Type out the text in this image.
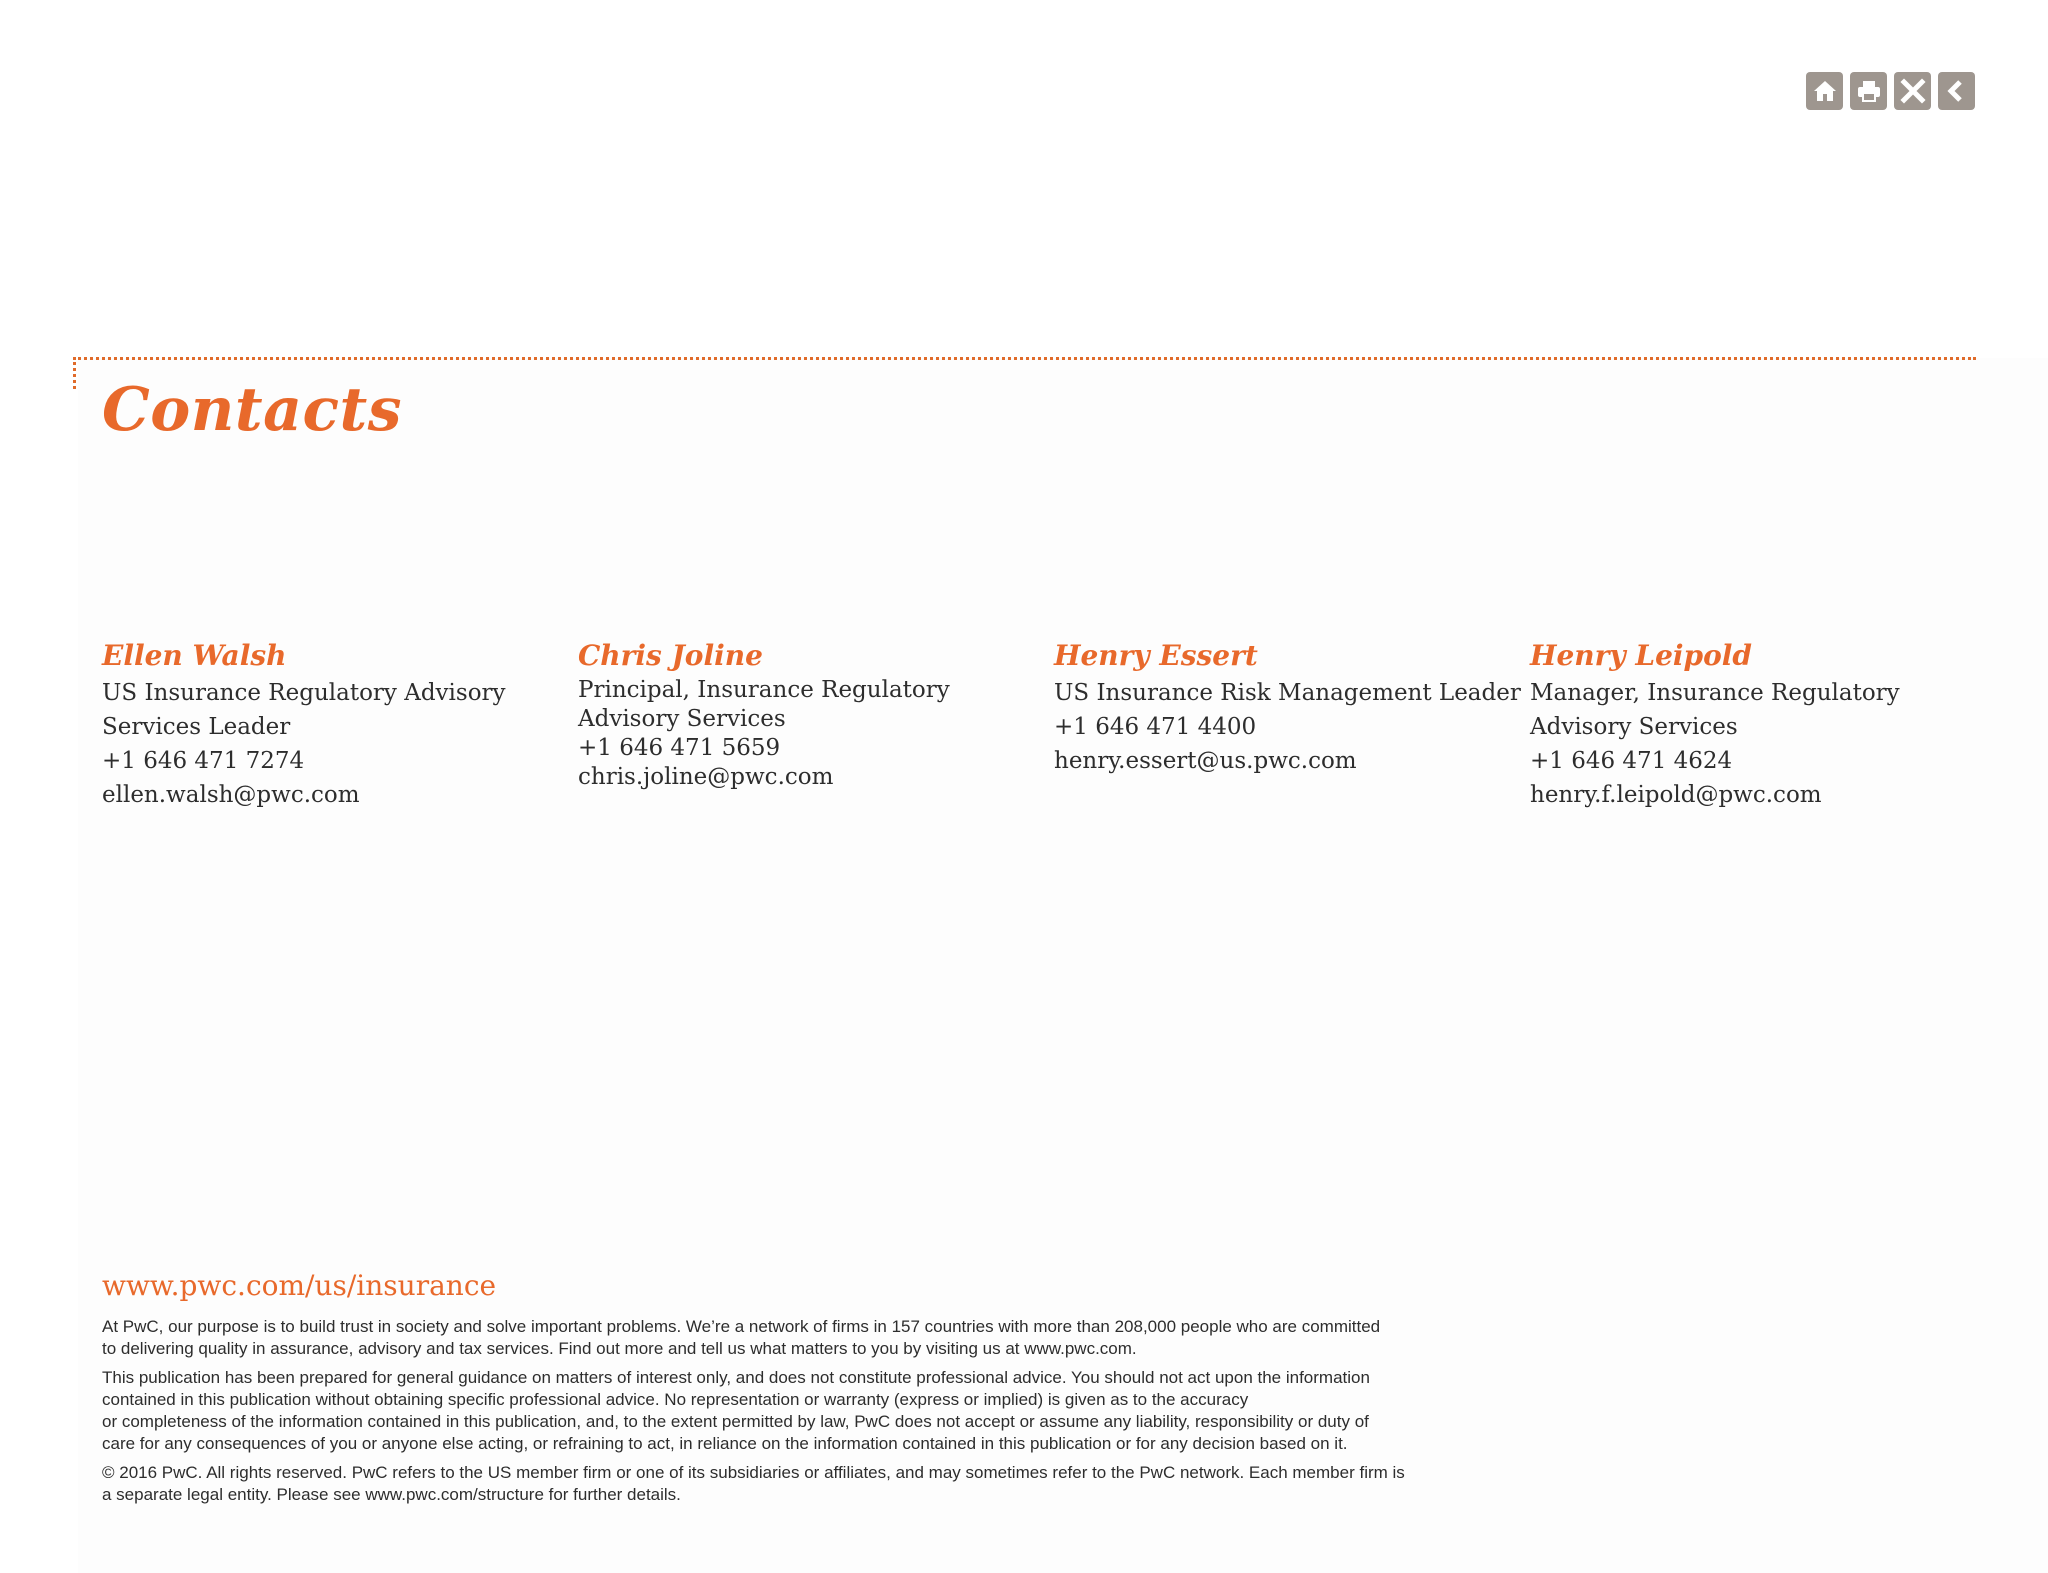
Contacts

Ellen Walsh

US Insurance Regulatory Advisory

Services Leader

+1 646 471 7274

ellen.walsh@pwc.com

Chris Joline

Principal, Insurance Regulatory

Advisory Services

+1 646 471 5659

chris.joline@pwc.com

Henry Essert

US Insurance Risk Management Leader

+1 646 471 4400

henry.essert@us.pwc.com

Henry Leipold

Manager, Insurance Regulatory

Advisory Services

+1 646 471 4624

henry.f.leipold@pwc.com

www.pwc.com/us/insurance

At PwC, our purpose is to build trust in society and solve important problems. We’re a network of firms in 157 countries with more than 208,000 people who are committed
to delivering quality in assurance, advisory and tax services. Find out more and tell us what matters to you by visiting us at www.pwc.com.

This publication has been prepared for general guidance on matters of interest only, and does not constitute professional advice. You should not act upon the information
contained in this publication without obtaining specific professional advice. No representation or warranty (express or implied) is given as to the accuracy
or completeness of the information contained in this publication, and, to the extent permitted by law, PwC does not accept or assume any liability, responsibility or duty of
care for any consequences of you or anyone else acting, or refraining to act, in reliance on the information contained in this publication or for any decision based on it.

© 2016 PwC. All rights reserved. PwC refers to the US member firm or one of its subsidiaries or affiliates, and may sometimes refer to the PwC network. Each member firm is
a separate legal entity. Please see www.pwc.com/structure for further details.
